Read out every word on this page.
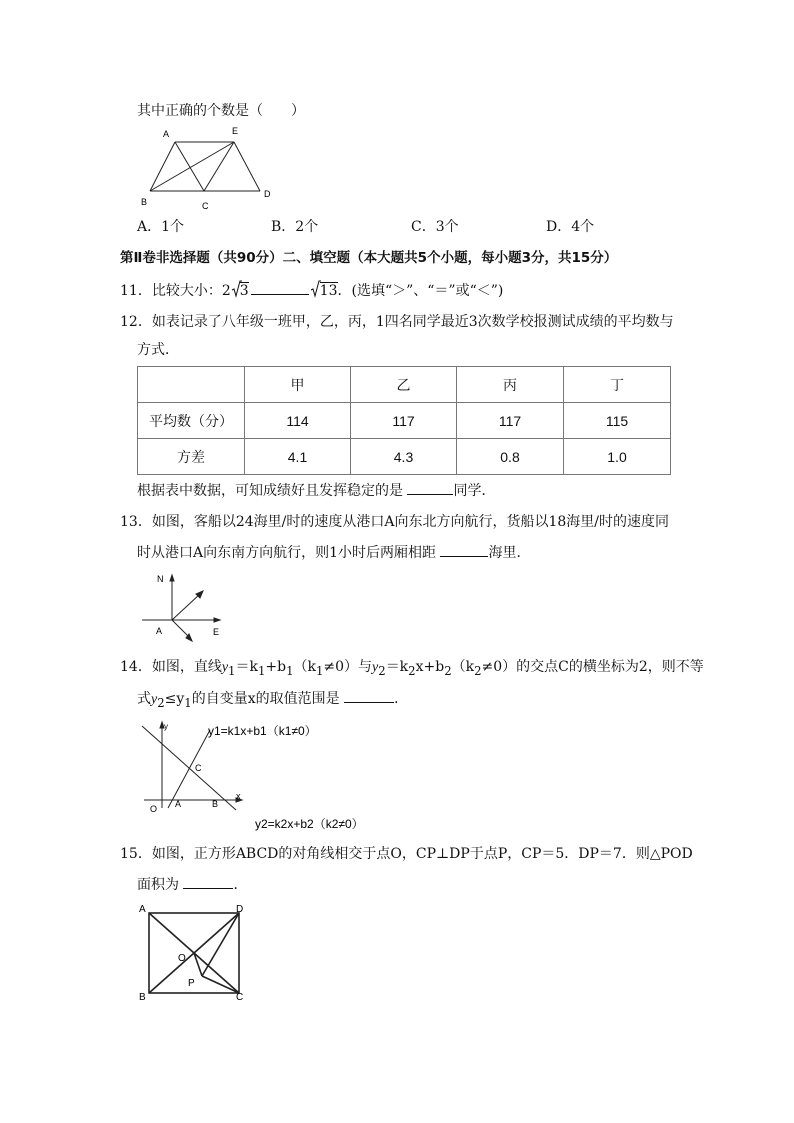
其中正确的个数是（　　）
A	E
B	C
D
A．1个	B．2个	C．3个	D．4个
第Ⅱ卷非选择题（共90分）二、填空题（本大题共5个小题，每小题3分，共15分）
11．比较大小：2 3	13．(选填“＞”、“＝”或“＜”)
12．如表记录了八年级一班甲，乙，丙，1四名同学最近3次数学校报测试成绩的平均数与
方式．
	甲	乙	丙	丁
平均数（分）	114	117	117	115
方差	4.1	4.3	0.8	1.0
根据表中数据，可知成绩好且发挥稳定的是	同学．
13．如图，客船以24海里/时的速度从港口A向东北方向航行，货船以18海里/时的速度同
时从港口A向东南方向航行，则1小时后两厢相距	海里．
N
A	E
14．如图，直线$y_1=k_1+b_1(k_1\ne 0)$与$y_2=k_2x+b_2(k_2\ne 0)$的交点C的横坐标为2，则不等
式$y_2\le y_1$的自变量x的取值范围是	．
y
x
O A	B
C
y1=k1x+b1（k1≠0）
y2=k2x+b2（k2≠0）
15．如图，正方形ABCD的对角线相交于点O，CP⊥DP于点P，CP＝5．DP＝7．则△POD
面积为	．
A	D
O
P
B	C
